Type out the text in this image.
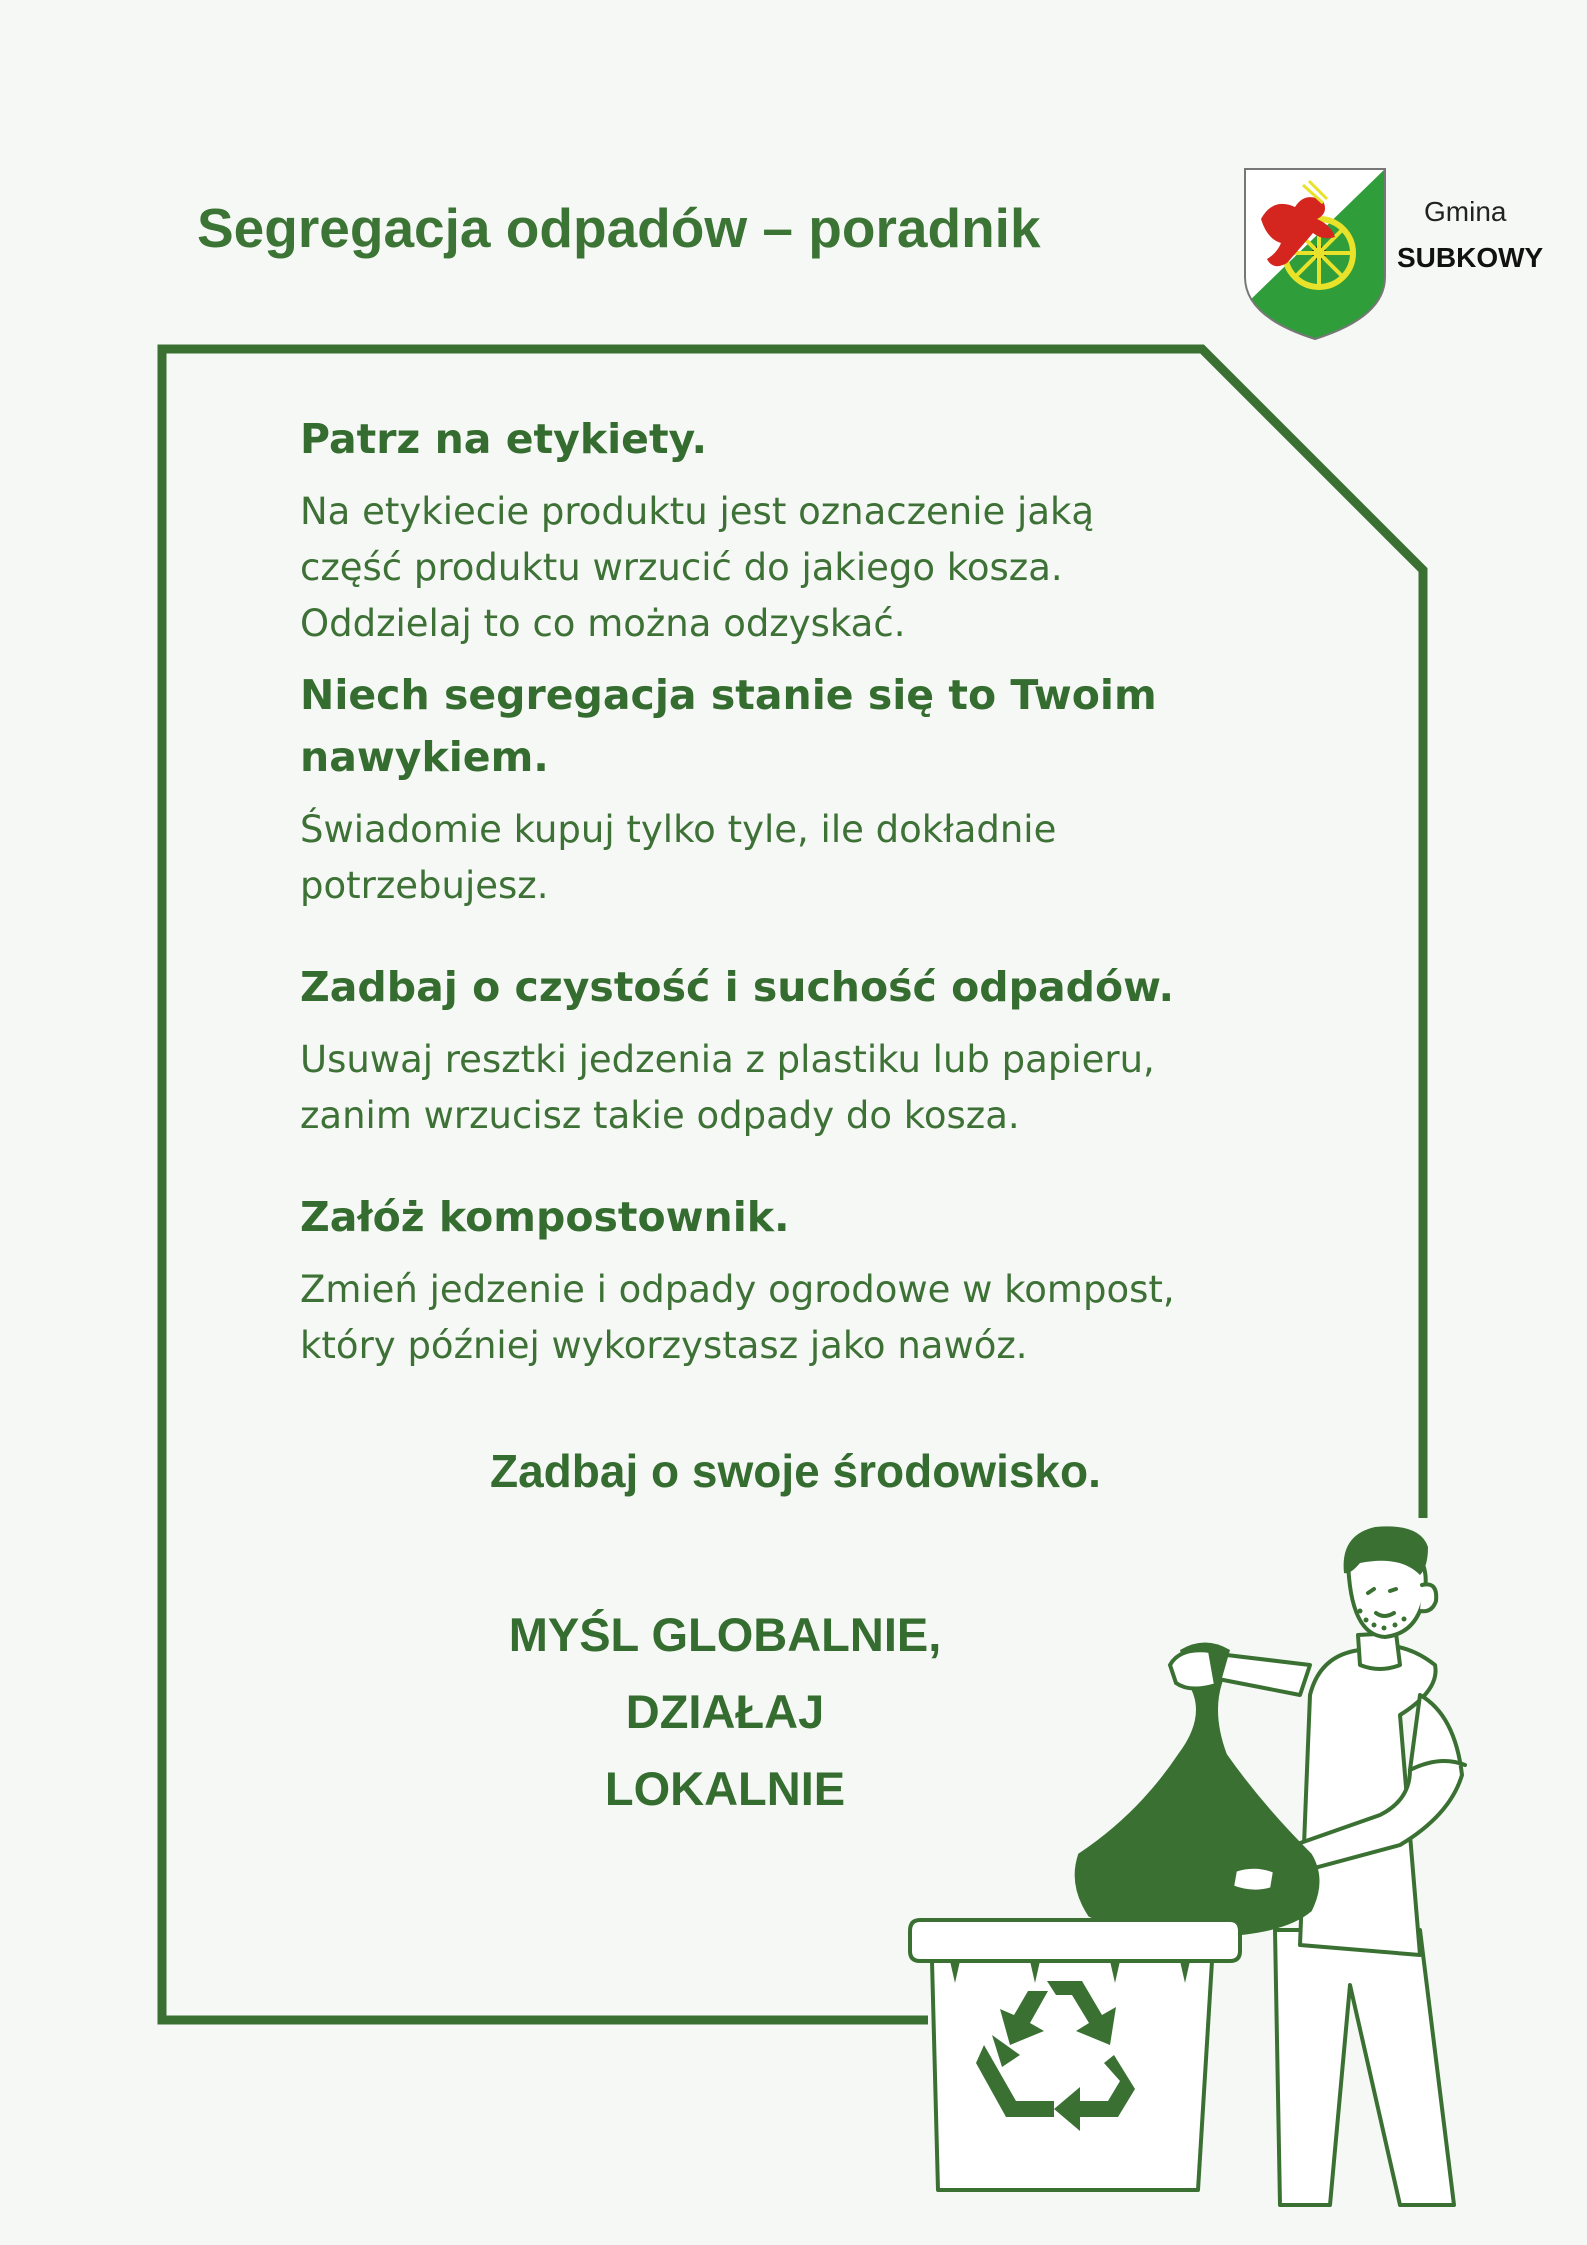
Segregacja odpadów – poradnik	Gmina
SUBKOWY

Patrz na etykiety.

Na etykiecie produktu jest oznaczenie jaką

część produktu wrzucić do jakiego kosza.

Oddzielaj to co można odzyskać.

Niech segregacja stanie się to Twoim

nawykiem.

Świadomie kupuj tylko tyle, ile dokładnie

potrzebujesz.

Zadbaj o czystość i suchość odpadów.

Usuwaj resztki jedzenia z plastiku lub papieru,

zanim wrzucisz takie odpady do kosza.

Załóż kompostownik.

Zmień jedzenie i odpady ogrodowe w kompost,

który później wykorzystasz jako nawóz.

Zadbaj o swoje środowisko.
MYŚL GLOBALNIE,
DZIAŁAJ LOKALNIE
